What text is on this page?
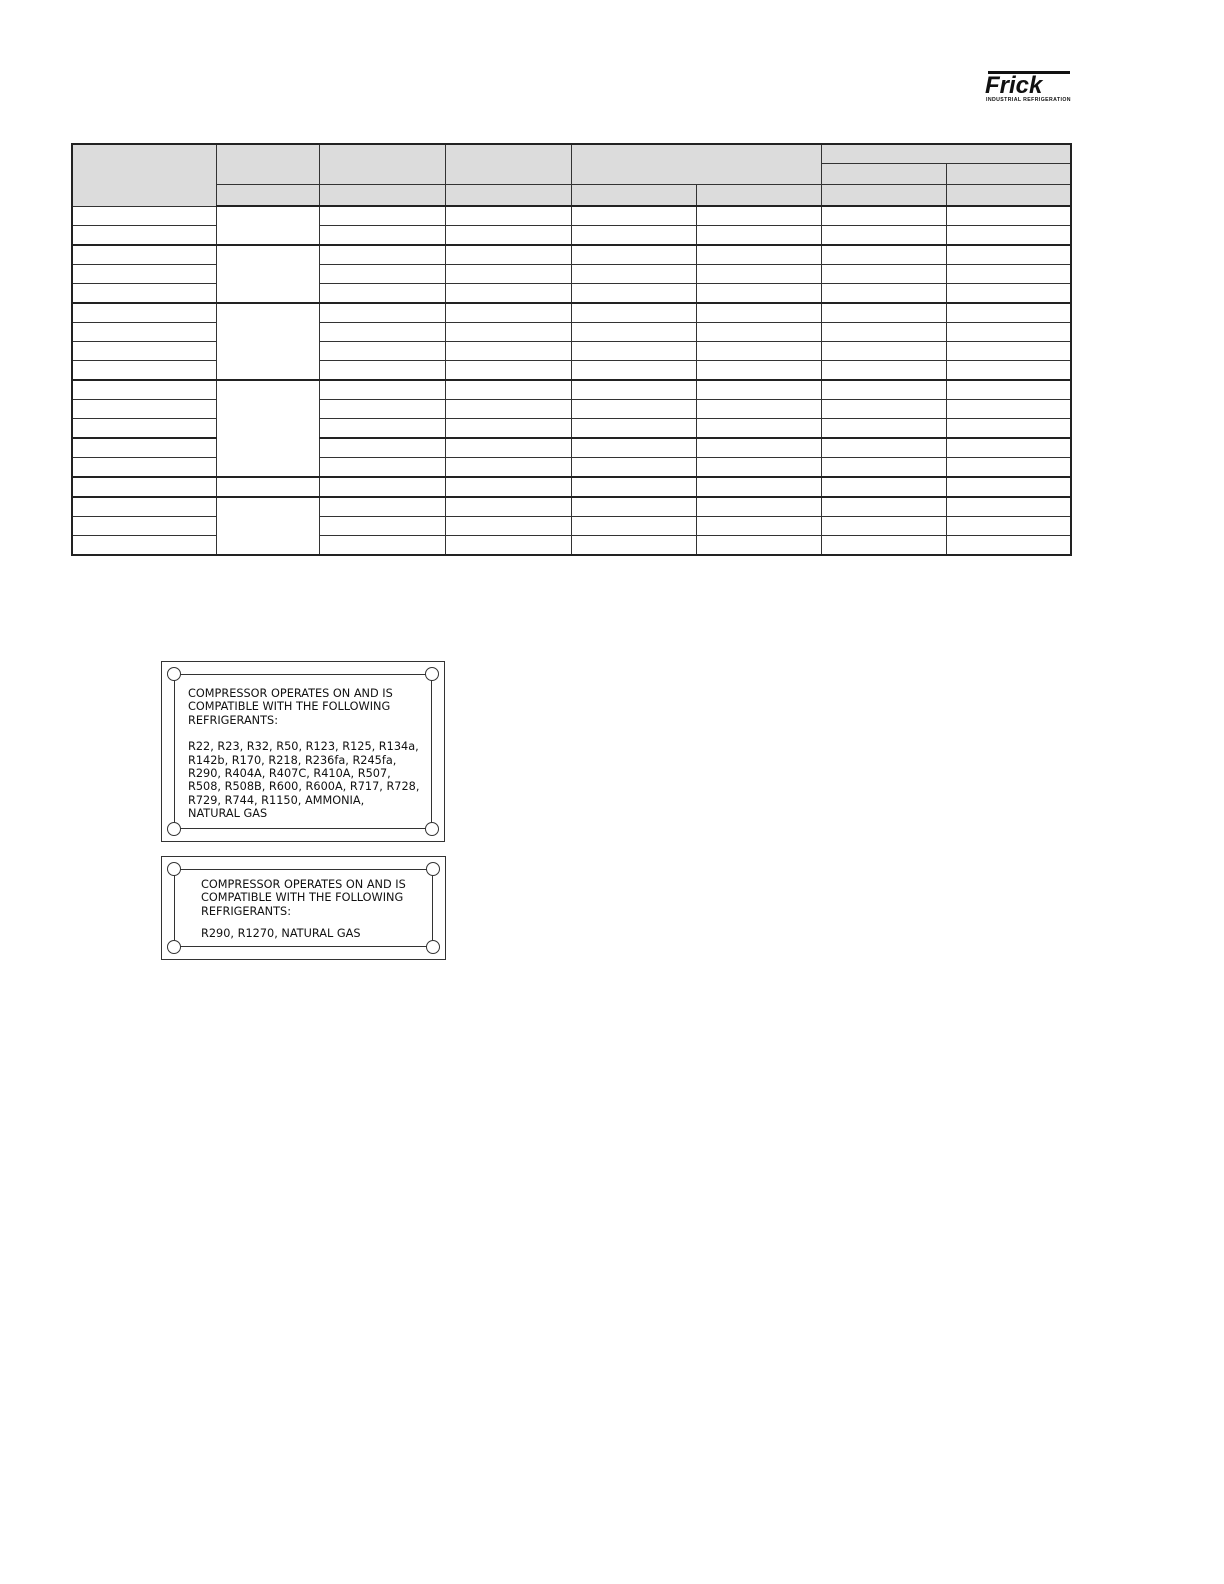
Frick
INDUSTRIAL REFRIGERATION

COMPRESSOR OPERATES ON AND IS

COMPATIBLE WITH THE FOLLOWING

REFRIGERANTS:

R22, R23, R32, R50, R123, R125, R134a,

R142b, R170, R218, R236fa, R245fa,

R290, R404A, R407C, R410A, R507,

R508, R508B, R600, R600A, R717, R728,

R729, R744, R1150, AMMONIA,

NATURAL GAS

COMPRESSOR OPERATES ON AND IS

COMPATIBLE WITH THE FOLLOWING

REFRIGERANTS:

R290, R1270, NATURAL GAS
